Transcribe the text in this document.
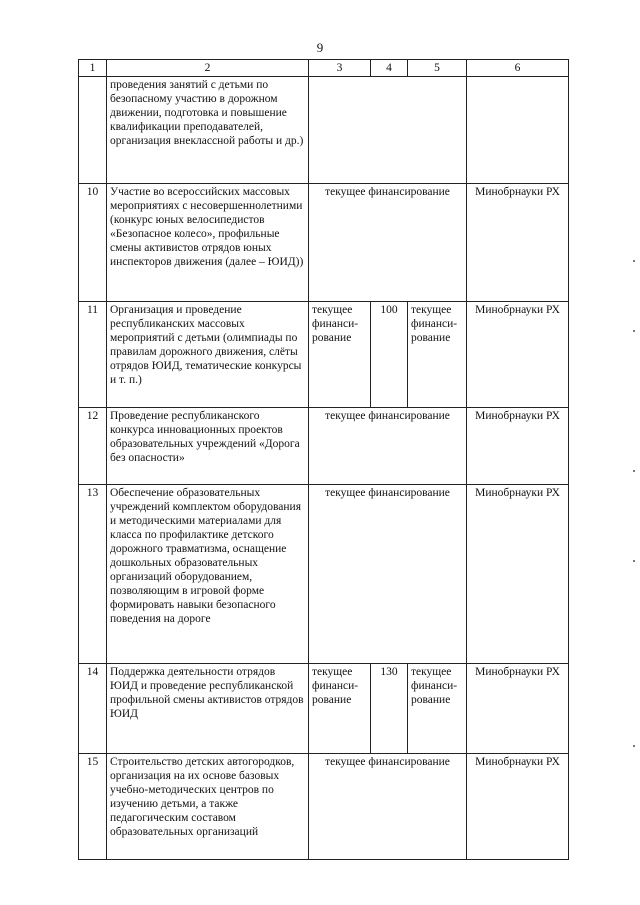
9
1	2	3	4	5	6
	проведения занятий с детьми по безопасному участию в дорожном движении, подготовка и повышение квалификации преподавателей, организация внеклассной работы и др.)				
10	Участие во всероссийских массовых мероприятиях с несовершеннолетними (конкурс юных велосипедистов «Безопасное колесо», профильные смены активистов отрядов юных инспекторов движения (далее – ЮИД))	текущее финансирование			Минобрнауки РХ
11	Организация и проведение республиканских массовых мероприятий с детьми (олимпиады по правилам дорожного движения, слёты отрядов ЮИД, тематические конкурсы и т. п.)	текущее финанси-рование	100	текущее финанси-рование	Минобрнауки РХ
12	Проведение республиканского конкурса инновационных проектов образовательных учреждений «Дорога без опасности»	текущее финансирование			Минобрнауки РХ
13	Обеспечение образовательных учреждений комплектом оборудования и методическими материалами для класса по профилактике детского дорожного травматизма, оснащение дошкольных образовательных организаций оборудованием, позволяющим в игровой форме формировать навыки безопасного поведения на дороге	текущее финансирование			Минобрнауки РХ
14	Поддержка деятельности отрядов ЮИД и проведение республиканской профильной смены активистов отрядов ЮИД	текущее финанси-рование	130	текущее финанси-рование	Минобрнауки РХ
15	Строительство детских автогородков, организация на их основе базовых учебно-методических центров по изучению детьми, а также педагогическим составом образовательных организаций	текущее финансирование			Минобрнауки РХ
